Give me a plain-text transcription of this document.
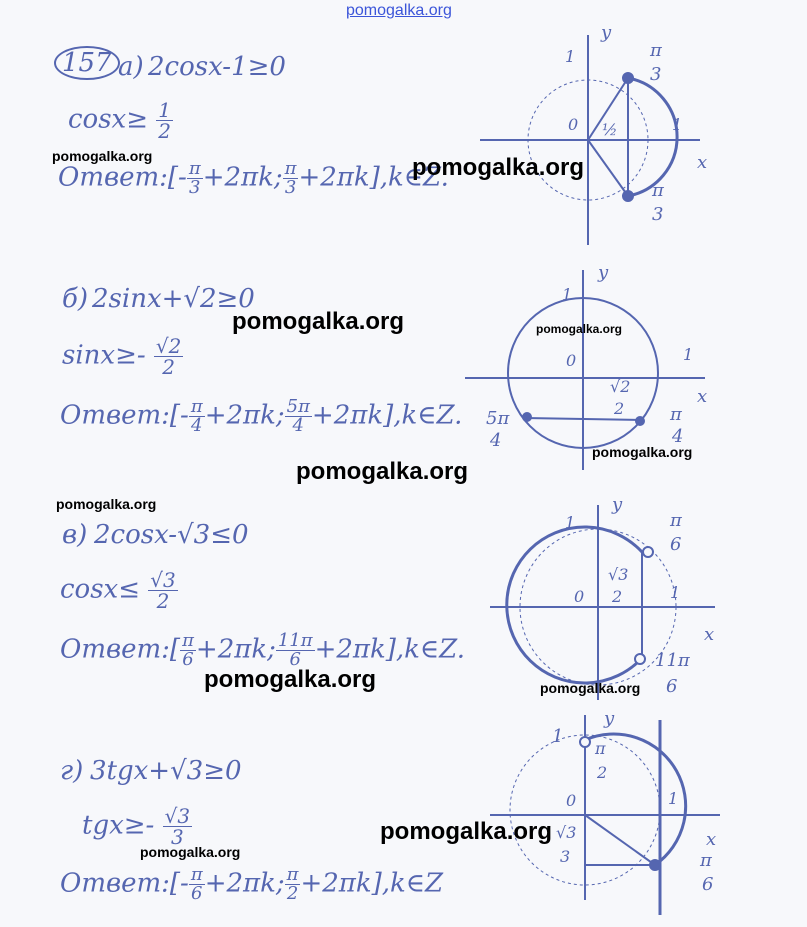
pomogalka.org
157 а) 2cosx-1≥0
$\cos x\ge \frac{1}{2}$
Ответ:[- $\frac{\pi}{3} +2\pi k$; $\frac{\pi}{3}$ +2πk],k∈Z.
б) 2sinx+√2≥0
$\sin x\ge- \frac{√2}{2}$
Ответ:[- $\frac{\pi}{4} +2\pi k$; $\frac{5\pi}{4}$ +2πk],k∈Z.
в) 2cosx-√3≤0
$\cos x\le \frac{√3}{2}$
Ответ:[ $\frac{\pi}{6} +2\pi k$; $\frac{11\pi}{6}$ +2πk],k∈Z.
г) 3tgx+√3≥0
$tgx\ge- \frac{√3}{3}$
Ответ:[- $\frac{\pi}{6} +2\pi k$; $\frac{\pi}{2}$ +2πk],k∈Z
y
x
1
1
0 ½
π
3
π
3
y
x
1
1
0
√2
2
5π
4
π
4
y
x
1
1
0
√3
2
π
6
11π
6
y
x
1
1
0
π
2
√3
3	π
6
pomogalka.org	pomogalka.org
pomogalka.org	pomogalka.org
pomogalka.org
pomogalka.org
pomogalka.org
pomogalka.org	pomogalka.org
pomogalka.org
pomogalka.org
